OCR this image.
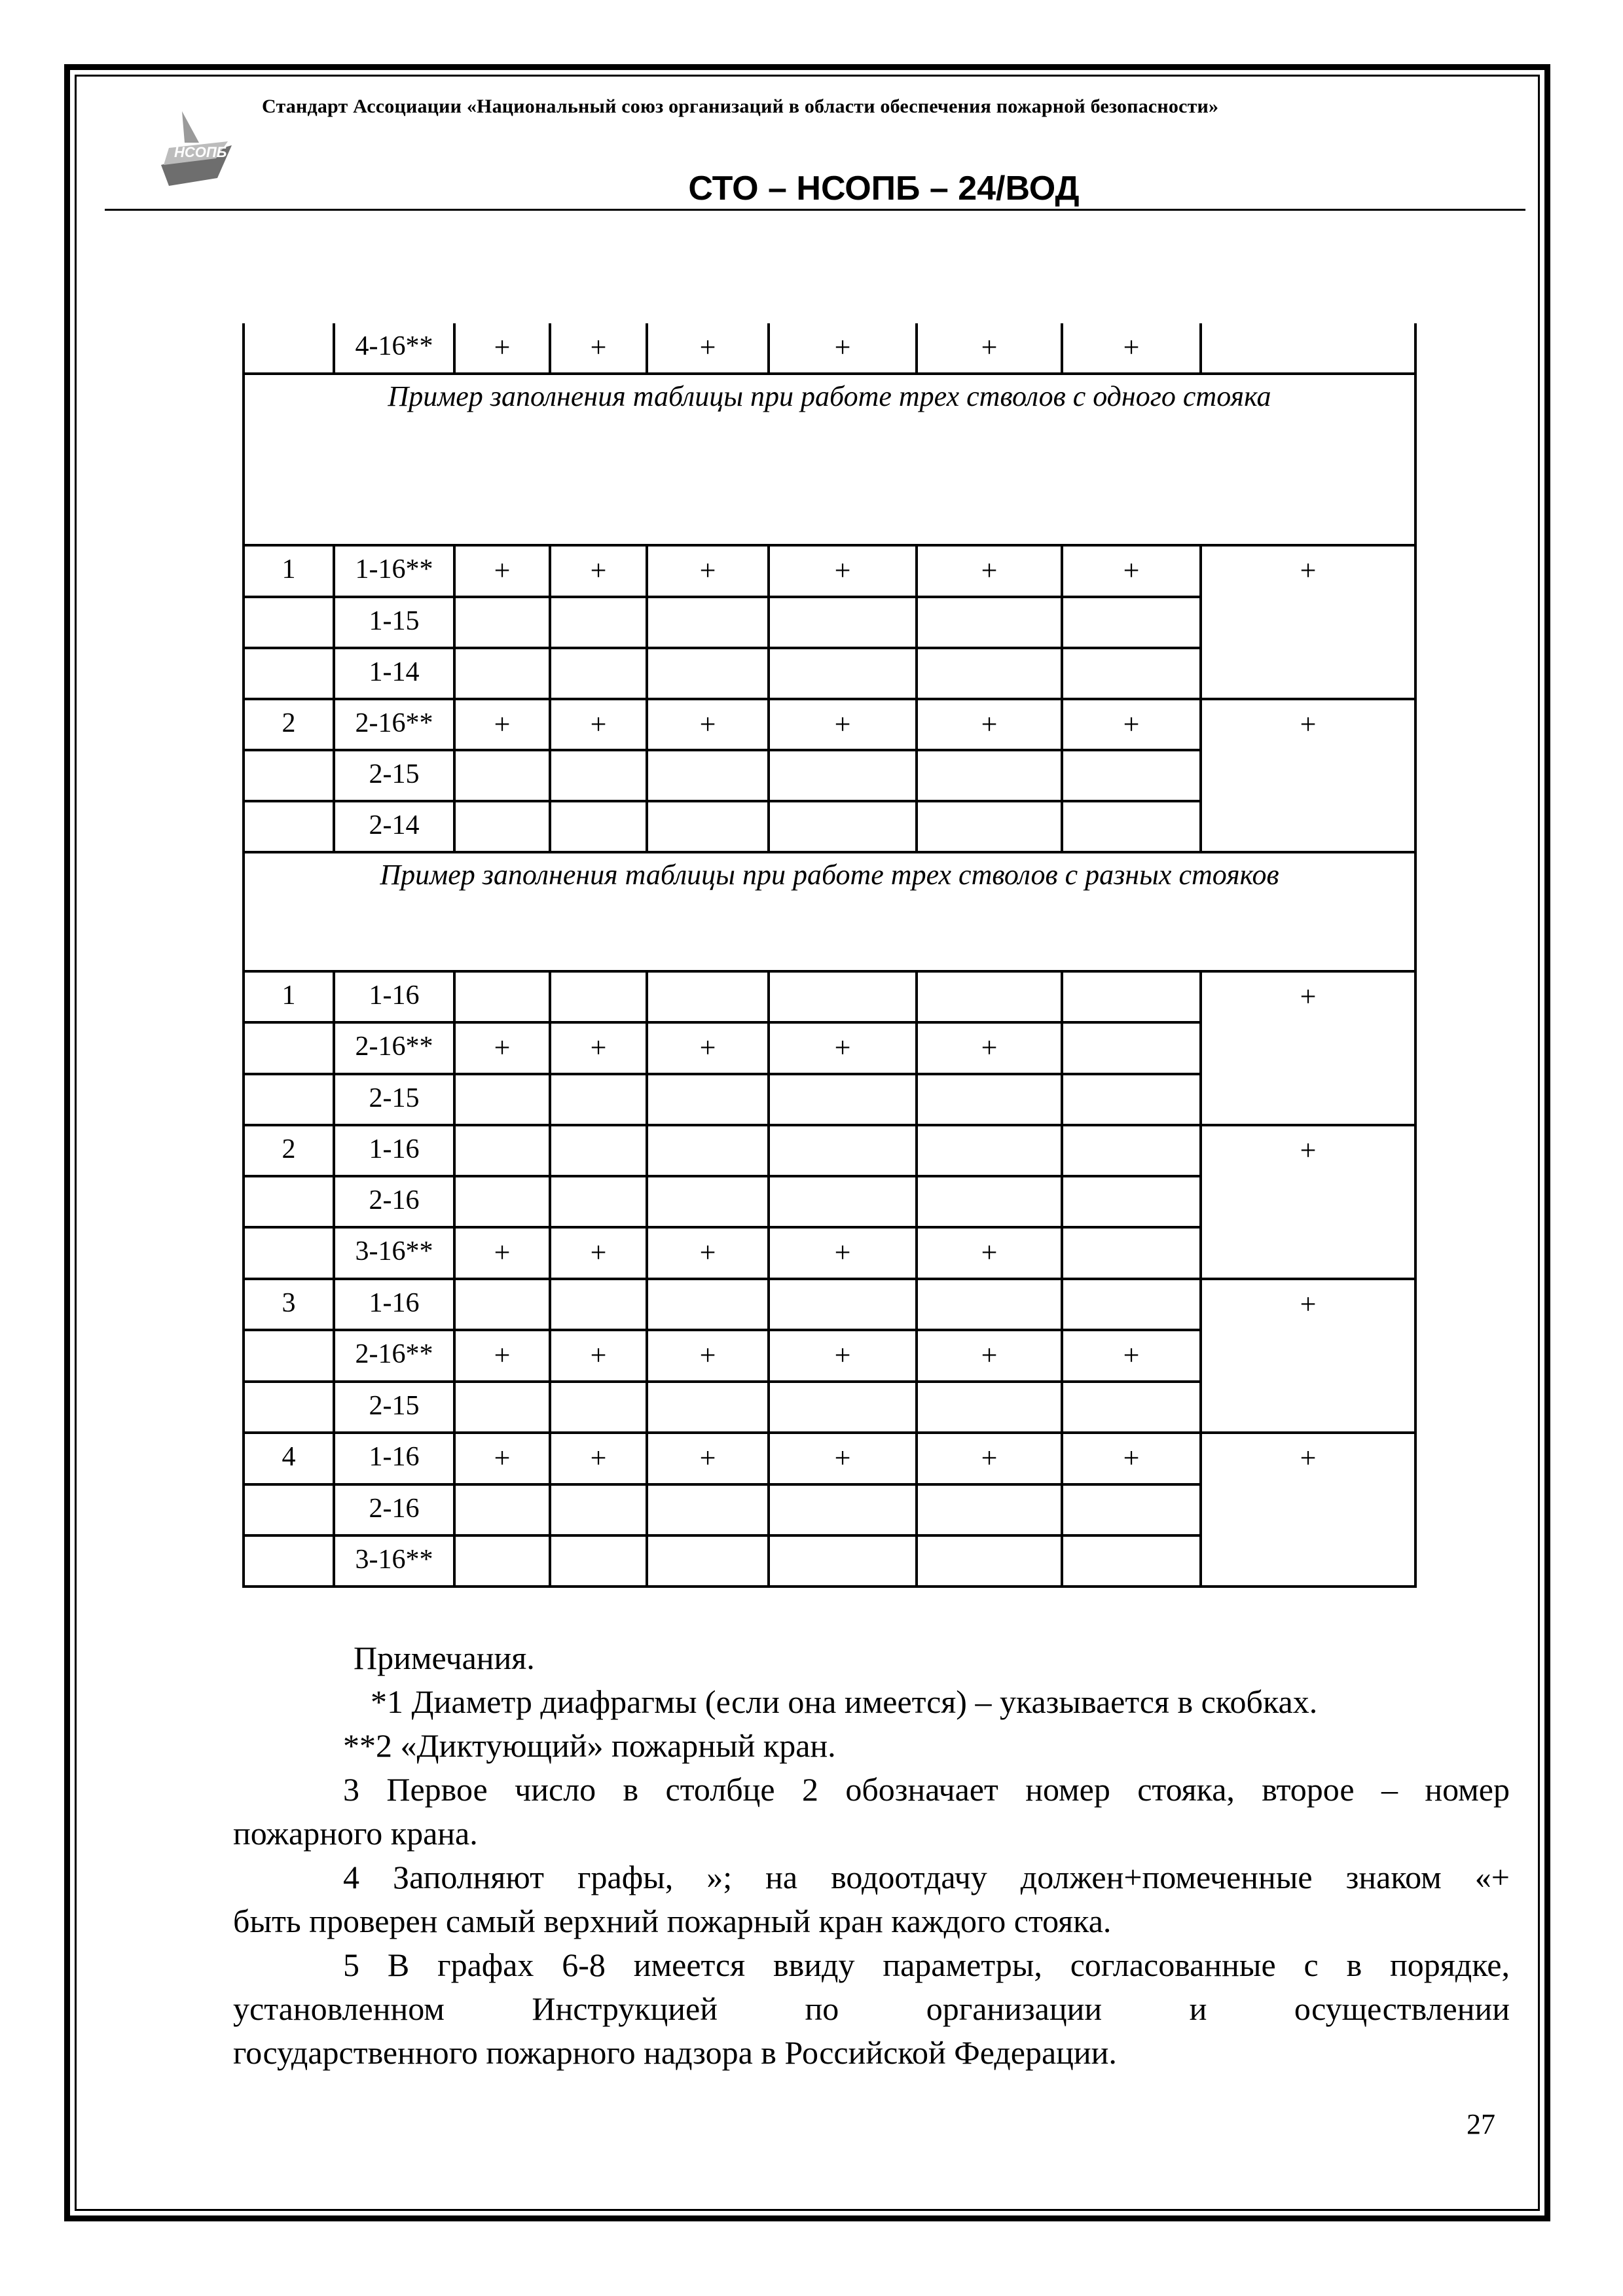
НСОПБ
Стандарт Ассоциации «Национальный союз организаций в области обеспечения пожарной безопасности»
СТО – НСОПБ – 24/ВОД
	4-16**	+	+	+	+	+	+	
Пример заполнения таблицы при работе трех стволов с одного стояка								
1	1-16**	+	+	+	+	+	+	+
	1-15							
	1-14							
2	2-16**	+	+	+	+	+	+	+
	2-15							
	2-14							
Пример заполнения таблицы при работе трех стволов с разных стояков								
1	1-16							+
	2-16**	+	+	+	+	+		
	2-15							
2	1-16							+
	2-16							
	3-16**	+	+	+	+	+		
3	1-16							+
	2-16**	+	+	+	+	+	+	
	2-15							
4	1-16	+	+	+	+	+	+	+
	2-16							
	3-16**							

Примечания.

*1 Диаметр диафрагмы (если она имеется) – указывается в скобках.

**2 «Диктующий» пожарный кран.

3 Первое число в столбце 2 обозначает номер стояка, второе – номер

пожарного крана.

4 Заполняют графы, »; на водоотдачу должен+помеченные знаком «+

быть проверен самый верхний пожарный кран каждого стояка.

5 В графах 6-8 имеется ввиду параметры, согласованные с в порядке,

установленном Инструкцией по организации и осуществлении

государственного пожарного надзора в Российской Федерации.

27
